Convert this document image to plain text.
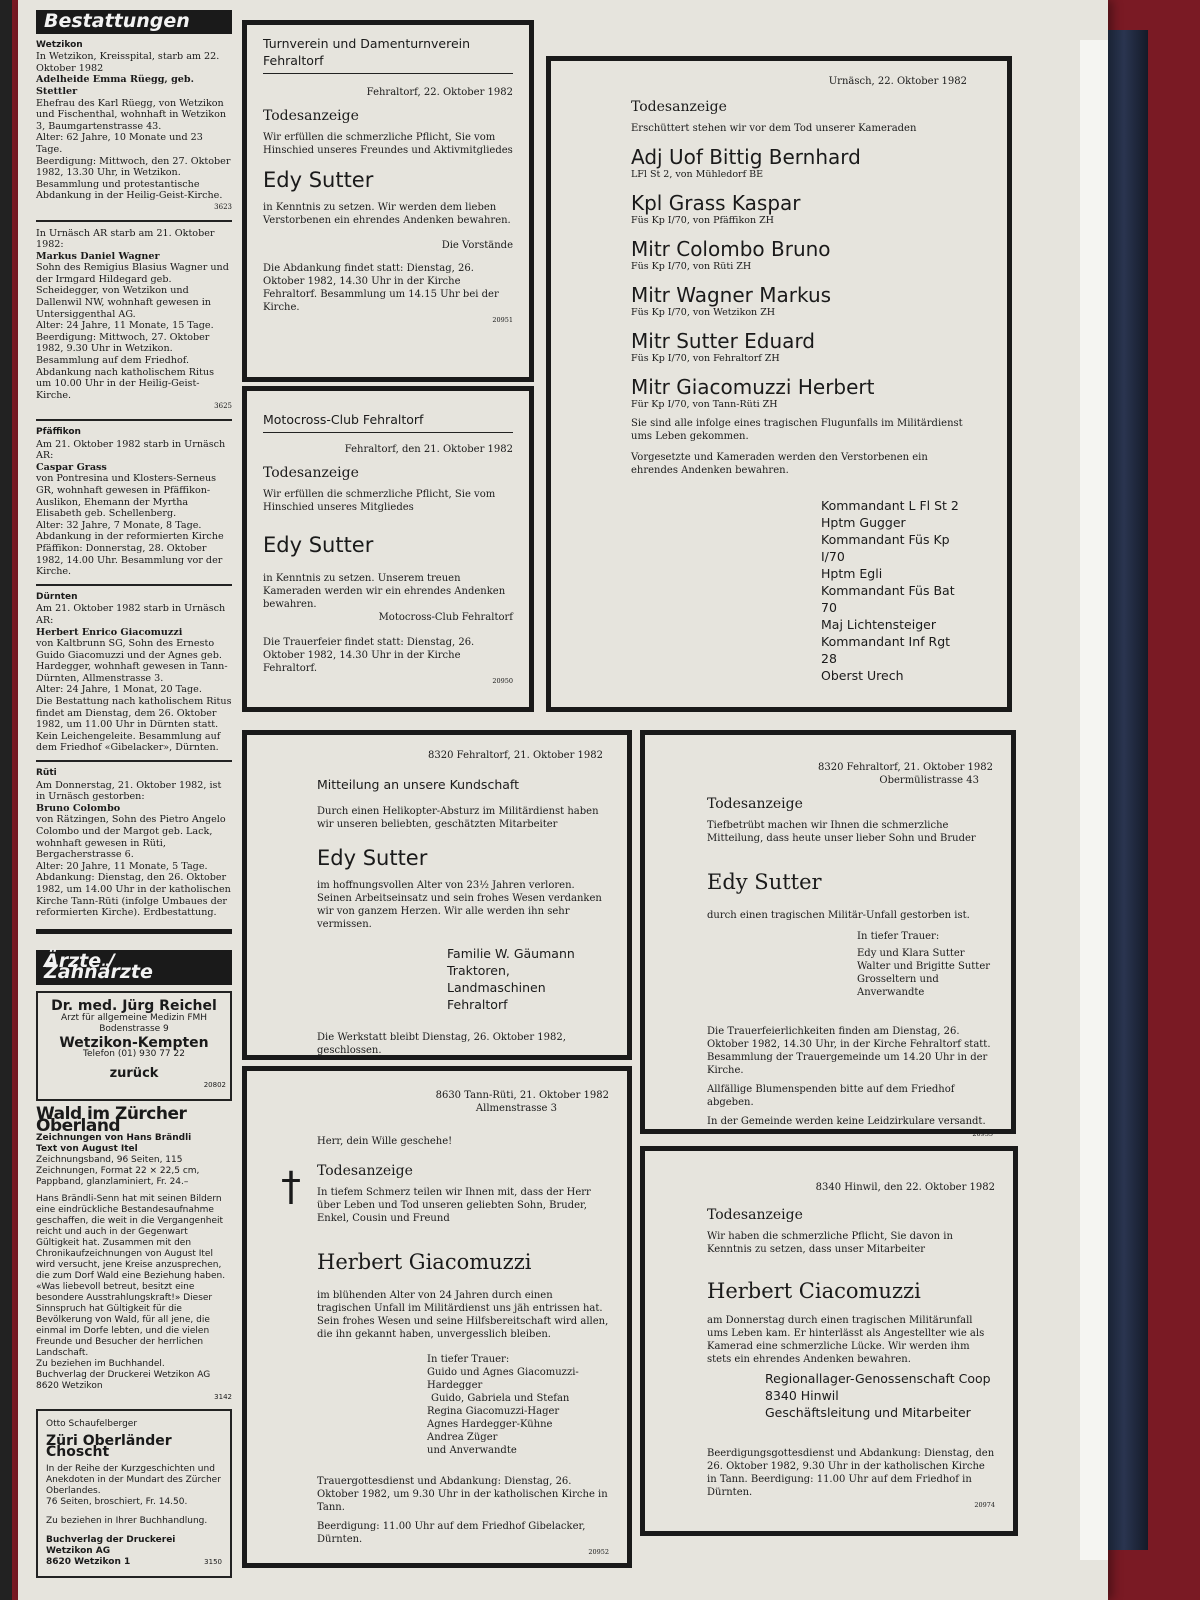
Bestattungen
Wetzikon
In Wetzikon, Kreisspital, starb am 22. Oktober 1982
Adelheide Emma Rüegg, geb. Stettler
Ehefrau des Karl Rüegg, von Wetzikon und Fischenthal, wohnhaft in Wetzikon 3, Baumgartenstrasse 43.
Alter: 62 Jahre, 10 Monate und 23 Tage.
Beerdigung: Mittwoch, den 27. Oktober 1982, 13.30 Uhr, in Wetzikon. Besammlung und protestantische Abdankung in der Heilig-Geist-Kirche.
3623
In Urnäsch AR starb am 21. Oktober 1982:
Markus Daniel Wagner
Sohn des Remigius Blasius Wagner und der Irmgard Hildegard geb. Scheidegger, von Wetzikon und Dallenwil NW, wohnhaft gewesen in Untersiggenthal AG.
Alter: 24 Jahre, 11 Monate, 15 Tage.
Beerdigung: Mittwoch, 27. Oktober 1982, 9.30 Uhr in Wetzikon. Besammlung auf dem Friedhof. Abdankung nach katholischem Ritus um 10.00 Uhr in der Heilig-Geist-Kirche.
3625
Pfäffikon
Am 21. Oktober 1982 starb in Urnäsch AR:
Caspar Grass
von Pontresina und Klosters-Serneus GR, wohnhaft gewesen in Pfäffikon-Auslikon, Ehemann der Myrtha Elisabeth geb. Schellenberg.
Alter: 32 Jahre, 7 Monate, 8 Tage.
Abdankung in der reformierten Kirche Pfäffikon: Donnerstag, 28. Oktober 1982, 14.00 Uhr. Besammlung vor der Kirche.
Dürnten
Am 21. Oktober 1982 starb in Urnäsch AR:
Herbert Enrico Giacomuzzi
von Kaltbrunn SG, Sohn des Ernesto Guido Giacomuzzi und der Agnes geb. Hardegger, wohnhaft gewesen in Tann-Dürnten, Allmenstrasse 3.
Alter: 24 Jahre, 1 Monat, 20 Tage.
Die Bestattung nach katholischem Ritus findet am Dienstag, dem 26. Oktober 1982, um 11.00 Uhr in Dürnten statt. Kein Leichengeleite. Besammlung auf dem Friedhof «Gibelacker», Dürnten.
Rüti
Am Donnerstag, 21. Oktober 1982, ist in Urnäsch gestorben:
Bruno Colombo
von Rätzingen, Sohn des Pietro Angelo Colombo und der Margot geb. Lack, wohnhaft gewesen in Rüti, Bergacherstrasse 6.
Alter: 20 Jahre, 11 Monate, 5 Tage.
Abdankung: Dienstag, den 26. Oktober 1982, um 14.00 Uhr in der katholischen Kirche Tann-Rüti (infolge Umbaues der reformierten Kirche). Erdbestattung.
Ärzte / Zahnärzte
Dr. med. Jürg Reichel
Arzt für allgemeine Medizin FMH
Bodenstrasse 9
Wetzikon-Kempten
Telefon (01) 930 77 22
zurück
20802
Wald im Zürcher Oberland
Zeichnungen von Hans Brändli
Text von August Itel
Zeichnungsband, 96 Seiten, 115 Zeichnungen, Format 22 × 22,5 cm, Pappband, glanzlaminiert, Fr. 24.–
Hans Brändli-Senn hat mit seinen Bildern eine eindrückliche Bestandesaufnahme geschaffen, die weit in die Vergangenheit reicht und auch in der Gegenwart Gültigkeit hat. Zusammen mit den Chronikaufzeichnungen von August Itel wird versucht, jene Kreise anzusprechen, die zum Dorf Wald eine Beziehung haben. «Was liebevoll betreut, besitzt eine besondere Ausstrahlungskraft!» Dieser Sinnspruch hat Gültigkeit für die Bevölkerung von Wald, für all jene, die einmal im Dorfe lebten, und die vielen Freunde und Besucher der herrlichen Landschaft.
Zu beziehen im Buchhandel.
Buchverlag der Druckerei Wetzikon AG 8620 Wetzikon
3142
Otto Schaufelberger
Züri Oberländer Choscht
In der Reihe der Kurzgeschichten und Anekdoten in der Mundart des Zürcher Oberlandes.
76 Seiten, broschiert, Fr. 14.50.
Zu beziehen in Ihrer Buchhandlung.
Buchverlag der Druckerei Wetzikon AG
8620 Wetzikon 1	3150
Turnverein und Damenturnverein Fehraltorf
Fehraltorf, 22. Oktober 1982
Todesanzeige
Wir erfüllen die schmerzliche Pflicht, Sie vom Hinschied unseres Freundes und Aktivmitgliedes
Edy Sutter
in Kenntnis zu setzen. Wir werden dem lieben Verstorbenen ein ehrendes Andenken bewahren.
Die Vorstände
Die Abdankung findet statt: Dienstag, 26. Oktober 1982, 14.30 Uhr in der Kirche Fehraltorf. Besammlung um 14.15 Uhr bei der Kirche.
20951
Motocross-Club Fehraltorf
Fehraltorf, den 21. Oktober 1982
Todesanzeige
Wir erfüllen die schmerzliche Pflicht, Sie vom Hinschied unseres Mitgliedes
Edy Sutter
in Kenntnis zu setzen. Unserem treuen Kameraden werden wir ein ehrendes Andenken bewahren.
Motocross-Club Fehraltorf
Die Trauerfeier findet statt: Dienstag, 26. Oktober 1982, 14.30 Uhr in der Kirche Fehraltorf.
20950
Urnäsch, 22. Oktober 1982
Todesanzeige
Erschüttert stehen wir vor dem Tod unserer Kameraden
Adj Uof Bittig Bernhard
LFl St 2, von Mühledorf BE
Kpl Grass Kaspar
Füs Kp I/70, von Pfäffikon ZH
Mitr Colombo Bruno
Füs Kp I/70, von Rüti ZH
Mitr Wagner Markus
Füs Kp I/70, von Wetzikon ZH
Mitr Sutter Eduard
Füs Kp I/70, von Fehraltorf ZH
Mitr Giacomuzzi Herbert
Für Kp I/70, von Tann-Rüti ZH
Sie sind alle infolge eines tragischen Flugunfalls im Militärdienst ums Leben gekommen.
Vorgesetzte und Kameraden werden den Verstorbenen ein ehrendes Andenken bewahren.
Kommandant L Fl St 2
Hptm Gugger
Kommandant Füs Kp I/70
Hptm Egli
Kommandant Füs Bat 70
Maj Lichtensteiger
Kommandant Inf Rgt 28
Oberst Urech
8320 Fehraltorf, 21. Oktober 1982
Mitteilung an unsere Kundschaft
Durch einen Helikopter-Absturz im Militärdienst haben wir unseren beliebten, geschätzten Mitarbeiter
Edy Sutter
im hoffnungsvollen Alter von 23½ Jahren verloren. Seinen Arbeitseinsatz und sein frohes Wesen verdanken wir von ganzem Herzen. Wir alle werden ihn sehr vermissen.
Familie W. Gäumann
Traktoren, Landmaschinen
Fehraltorf
Die Werkstatt bleibt Dienstag, 26. Oktober 1982, geschlossen.
8320 Fehraltorf, 21. Oktober 1982
Obermülistrasse 43
Todesanzeige
Tiefbetrübt machen wir Ihnen die schmerzliche Mitteilung, dass heute unser lieber Sohn und Bruder
Edy Sutter
durch einen tragischen Militär-Unfall gestorben ist.
In tiefer Trauer:
Edy und Klara Sutter
Walter und Brigitte Sutter
Grosseltern und Anverwandte
Die Trauerfeierlichkeiten finden am Dienstag, 26. Oktober 1982, 14.30 Uhr, in der Kirche Fehraltorf statt. Besammlung der Trauergemeinde um 14.20 Uhr in der Kirche.
Allfällige Blumenspenden bitte auf dem Friedhof abgeben.
In der Gemeinde werden keine Leidzirkulare versandt.
20935
†
8630 Tann-Rüti, 21. Oktober 1982
Allmenstrasse 3
Herr, dein Wille geschehe!
Todesanzeige
In tiefem Schmerz teilen wir Ihnen mit, dass der Herr über Leben und Tod unseren geliebten Sohn, Bruder, Enkel, Cousin und Freund
Herbert Giacomuzzi
im blühenden Alter von 24 Jahren durch einen tragischen Unfall im Militärdienst uns jäh entrissen hat. Sein frohes Wesen und seine Hilfsbereitschaft wird allen, die ihn gekannt haben, unvergesslich bleiben.
In tiefer Trauer:
Guido und Agnes Giacomuzzi-Hardegger
Guido, Gabriela und Stefan
Regina Giacomuzzi-Hager
Agnes Hardegger-Kühne
Andrea Züger
und Anverwandte
Trauergottesdienst und Abdankung: Dienstag, 26. Oktober 1982, um 9.30 Uhr in der katholischen Kirche in Tann.
Beerdigung: 11.00 Uhr auf dem Friedhof Gibelacker, Dürnten.
20952
8340 Hinwil, den 22. Oktober 1982
Todesanzeige
Wir haben die schmerzliche Pflicht, Sie davon in Kenntnis zu setzen, dass unser Mitarbeiter
Herbert Ciacomuzzi
am Donnerstag durch einen tragischen Militärunfall ums Leben kam. Er hinterlässt als Angestellter wie als Kamerad eine schmerzliche Lücke. Wir werden ihm stets ein ehrendes Andenken bewahren.
Regionallager-Genossenschaft Coop
8340 Hinwil
Geschäftsleitung und Mitarbeiter
Beerdigungsgottesdienst und Abdankung: Dienstag, den 26. Oktober 1982, 9.30 Uhr in der katholischen Kirche in Tann. Beerdigung: 11.00 Uhr auf dem Friedhof in Dürnten.
20974
